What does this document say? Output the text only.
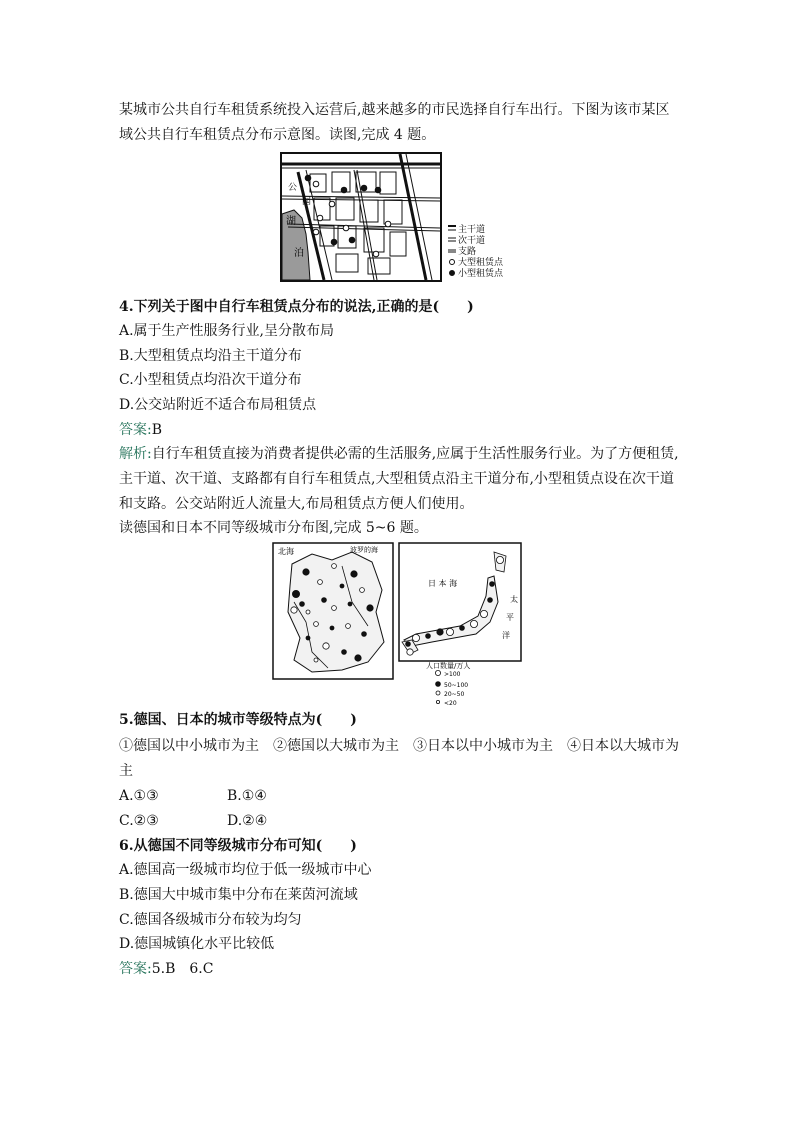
某城市公共自行车租赁系统投入运营后,越来越多的市民选择自行车出行。下图为该市某区
域公共自行车租赁点分布示意图。读图,完成 4 题。
公
园
湖
泊
主干道
次干道
支路
大型租赁点
小型租赁点
4.下列关于图中自行车租赁点分布的说法,正确的是(　　)
A.属于生产性服务行业,呈分散布局
B.大型租赁点均沿主干道分布
C.小型租赁点均沿次干道分布
D.公交站附近不适合布局租赁点
答案:B
解析:自行车租赁直接为消费者提供必需的生活服务,应属于生活性服务行业。为了方便租赁,
主干道、次干道、支路都有自行车租赁点,大型租赁点沿主干道分布,小型租赁点设在次干道
和支路。公交站附近人流量大,布局租赁点方便人们使用。
读德国和日本不同等级城市分布图,完成 5~6 题。
北海	波罗的海
日 本 海
太
平
洋
人口数量/万人
>100
50~100
20~50
<20
5.德国、日本的城市等级特点为(　　)
①德国以中小城市为主　②德国以大城市为主　③日本以中小城市为主　④日本以大城市为
主
A.①③	B.①④
C.②③	D.②④
6.从德国不同等级城市分布可知(　　)
A.德国高一级城市均位于低一级城市中心
B.德国大中城市集中分布在莱茵河流域
C.德国各级城市分布较为均匀
D.德国城镇化水平比较低
答案:5.B　6.C
